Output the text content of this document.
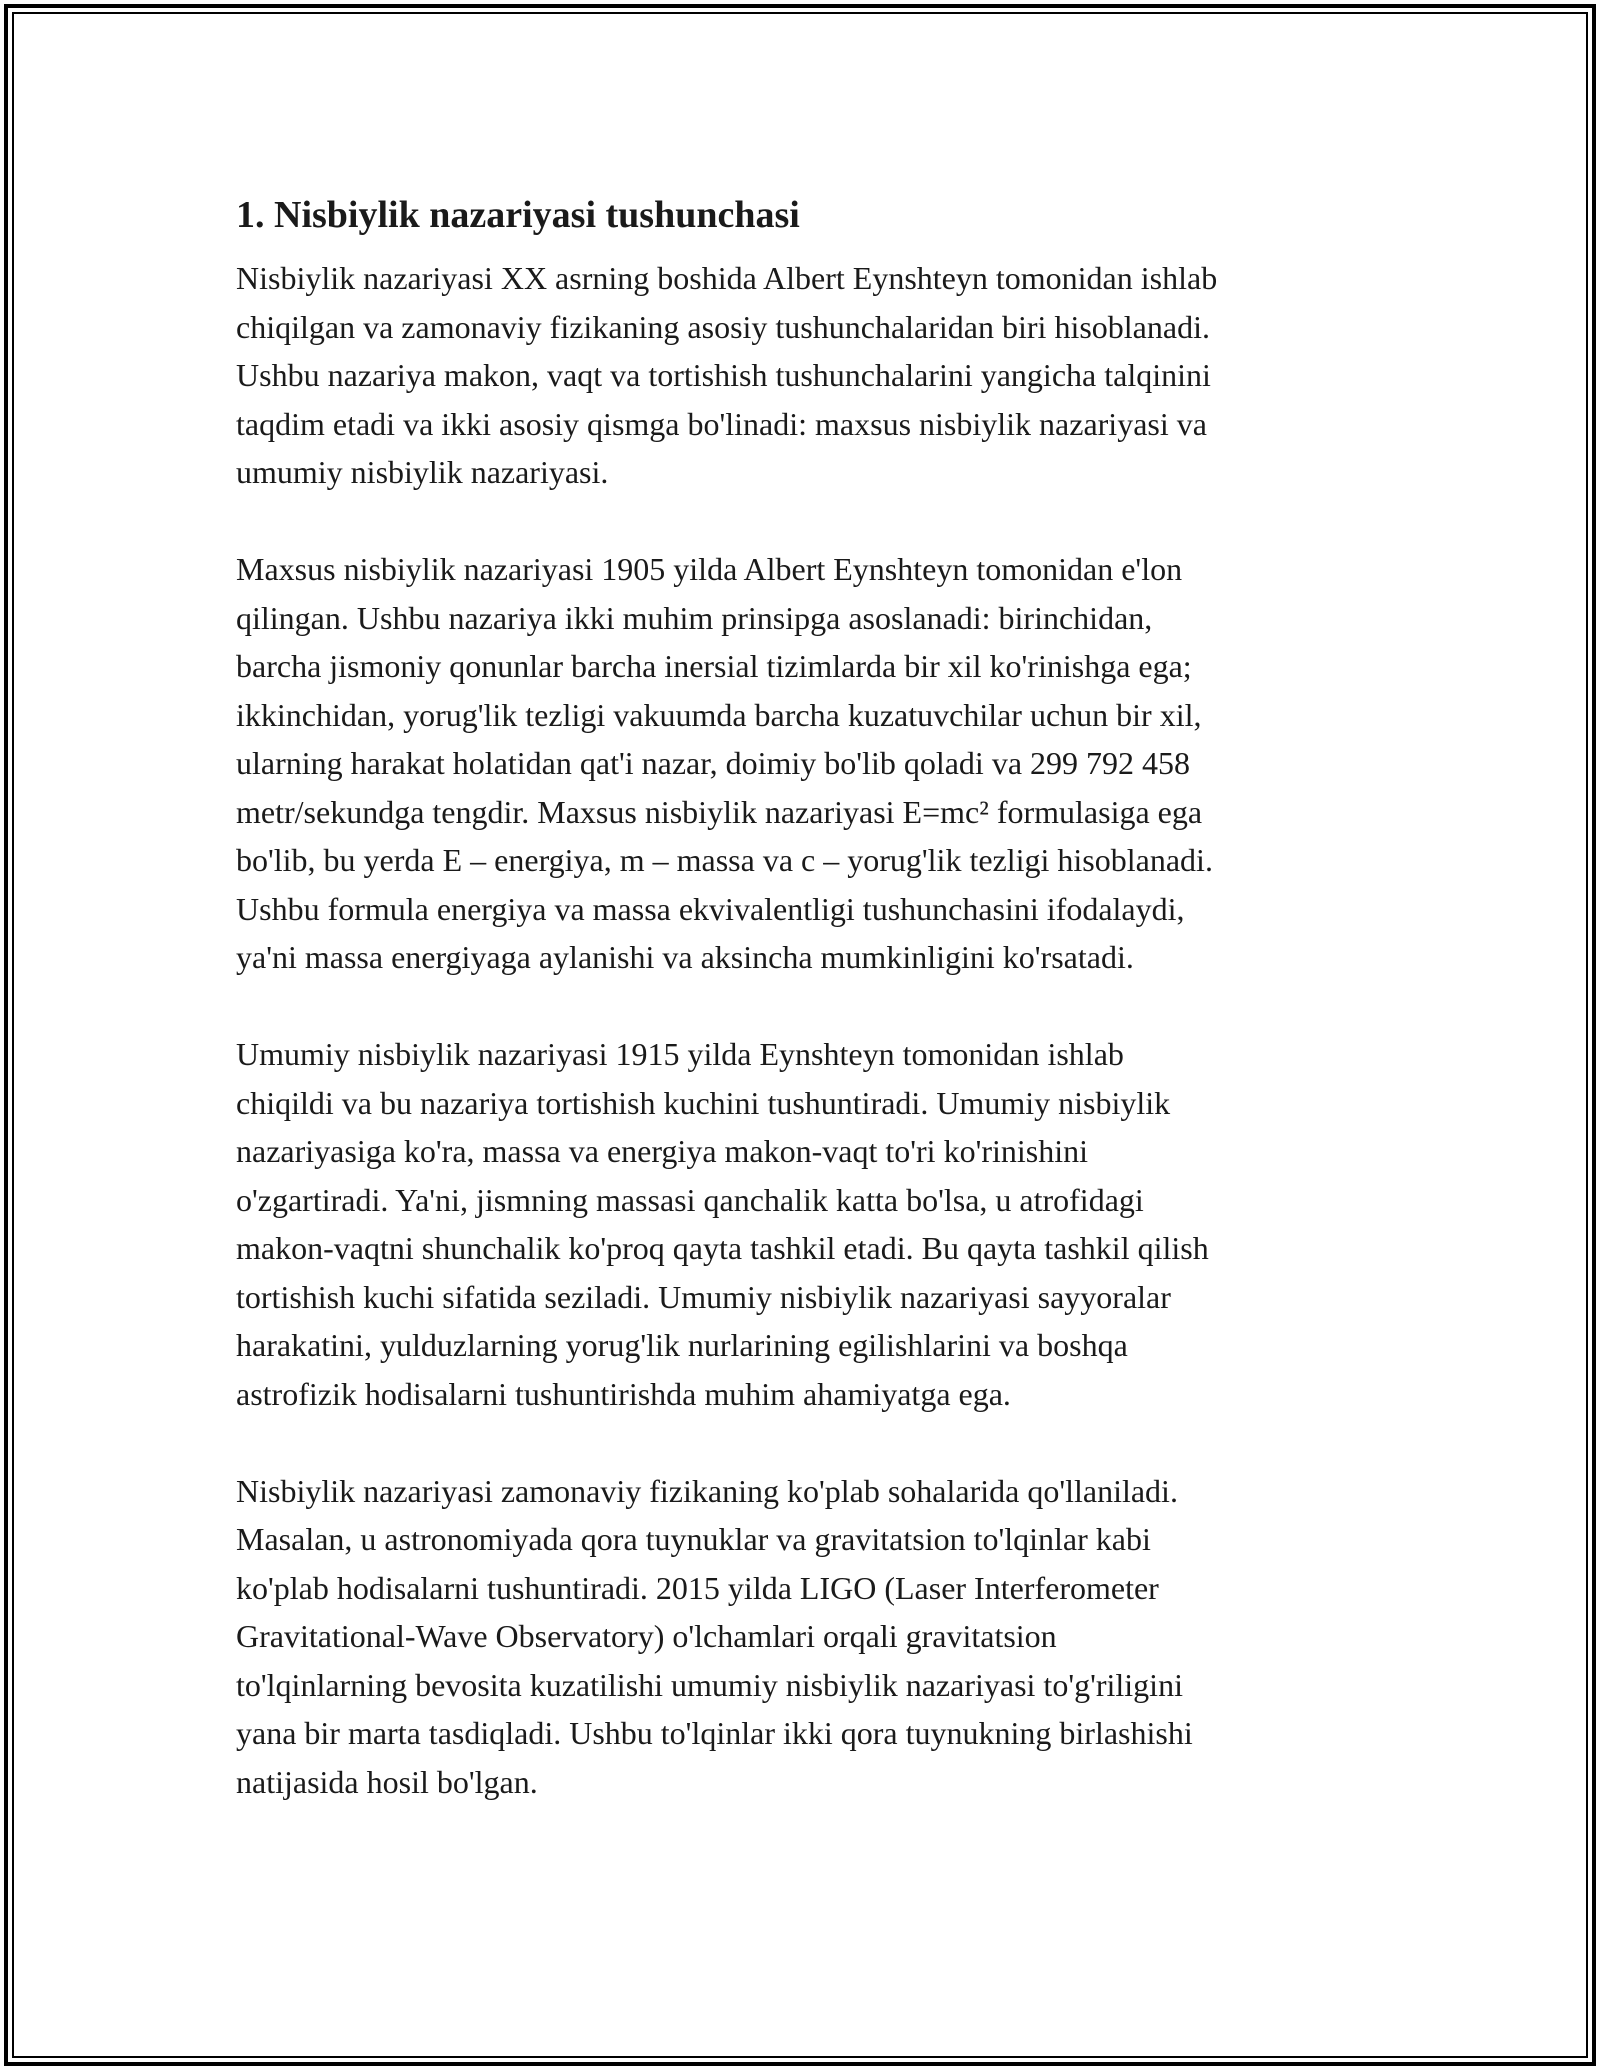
1. Nisbiylik nazariyasi tushunchasi

Nisbiylik nazariyasi XX asrning boshida Albert Eynshteyn tomonidan ishlab
chiqilgan va zamonaviy fizikaning asosiy tushunchalaridan biri hisoblanadi.
Ushbu nazariya makon, vaqt va tortishish tushunchalarini yangicha talqinini
taqdim etadi va ikki asosiy qismga bo'linadi: maxsus nisbiylik nazariyasi va
umumiy nisbiylik nazariyasi.

Maxsus nisbiylik nazariyasi 1905 yilda Albert Eynshteyn tomonidan e'lon
qilingan. Ushbu nazariya ikki muhim prinsipga asoslanadi: birinchidan,
barcha jismoniy qonunlar barcha inersial tizimlarda bir xil ko'rinishga ega;
ikkinchidan, yorug'lik tezligi vakuumda barcha kuzatuvchilar uchun bir xil,
ularning harakat holatidan qat'i nazar, doimiy bo'lib qoladi va 299 792 458
metr/sekundga tengdir. Maxsus nisbiylik nazariyasi E=mc² formulasiga ega
bo'lib, bu yerda E – energiya, m – massa va c – yorug'lik tezligi hisoblanadi.
Ushbu formula energiya va massa ekvivalentligi tushunchasini ifodalaydi,
ya'ni massa energiyaga aylanishi va aksincha mumkinligini ko'rsatadi.

Umumiy nisbiylik nazariyasi 1915 yilda Eynshteyn tomonidan ishlab
chiqildi va bu nazariya tortishish kuchini tushuntiradi. Umumiy nisbiylik
nazariyasiga ko'ra, massa va energiya makon-vaqt to'ri ko'rinishini
o'zgartiradi. Ya'ni, jismning massasi qanchalik katta bo'lsa, u atrofidagi
makon-vaqtni shunchalik ko'proq qayta tashkil etadi. Bu qayta tashkil qilish
tortishish kuchi sifatida seziladi. Umumiy nisbiylik nazariyasi sayyoralar
harakatini, yulduzlarning yorug'lik nurlarining egilishlarini va boshqa
astrofizik hodisalarni tushuntirishda muhim ahamiyatga ega.

Nisbiylik nazariyasi zamonaviy fizikaning ko'plab sohalarida qo'llaniladi.
Masalan, u astronomiyada qora tuynuklar va gravitatsion to'lqinlar kabi
ko'plab hodisalarni tushuntiradi. 2015 yilda LIGO (Laser Interferometer
Gravitational-Wave Observatory) o'lchamlari orqali gravitatsion
to'lqinlarning bevosita kuzatilishi umumiy nisbiylik nazariyasi to'g'riligini
yana bir marta tasdiqladi. Ushbu to'lqinlar ikki qora tuynukning birlashishi
natijasida hosil bo'lgan.
